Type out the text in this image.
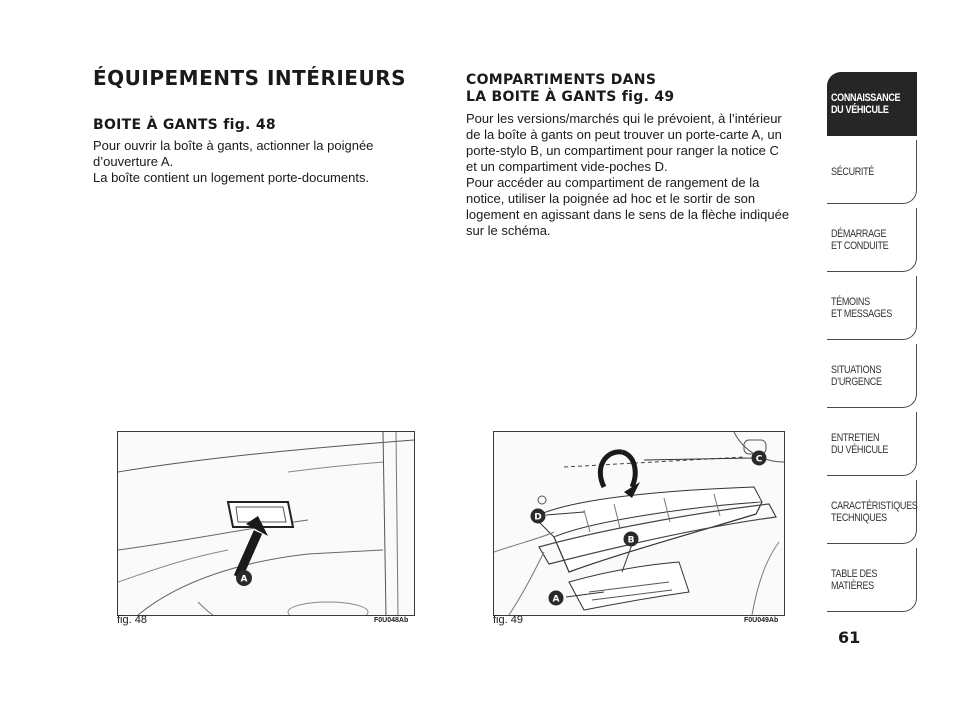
ÉQUIPEMENTS INTÉRIEURS
BOITE À GANTS fig. 48
Pour ouvrir la boîte à gants, actionner la poignée
d’ouverture A.
La boîte contient un logement porte-documents.
COMPARTIMENTS DANS
LA BOITE À GANTS fig. 49
Pour les versions/marchés qui le prévoient, à l’intérieur
de la boîte à gants on peut trouver un porte-carte A, un
porte-stylo B, un compartiment pour ranger la notice C
et un compartiment vide-poches D.
Pour accéder au compartiment de rangement de la
notice, utiliser la poignée ad hoc et le sortir de son
logement en agissant dans le sens de la flèche indiquée
sur le schéma.
A
fig. 48	F0U048Ab
C
D
B
A
fig. 49	F0U049Ab
CONNAISSANCE
DU VÉHICULE
SÉCURITÉ
DÉMARRAGE
ET CONDUITE
TÉMOINS
ET MESSAGES
SITUATIONS
D’URGENCE
ENTRETIEN
DU VÉHICULE
CARACTÉRISTIQUES
TECHNIQUES
TABLE DES
MATIÈRES
61
